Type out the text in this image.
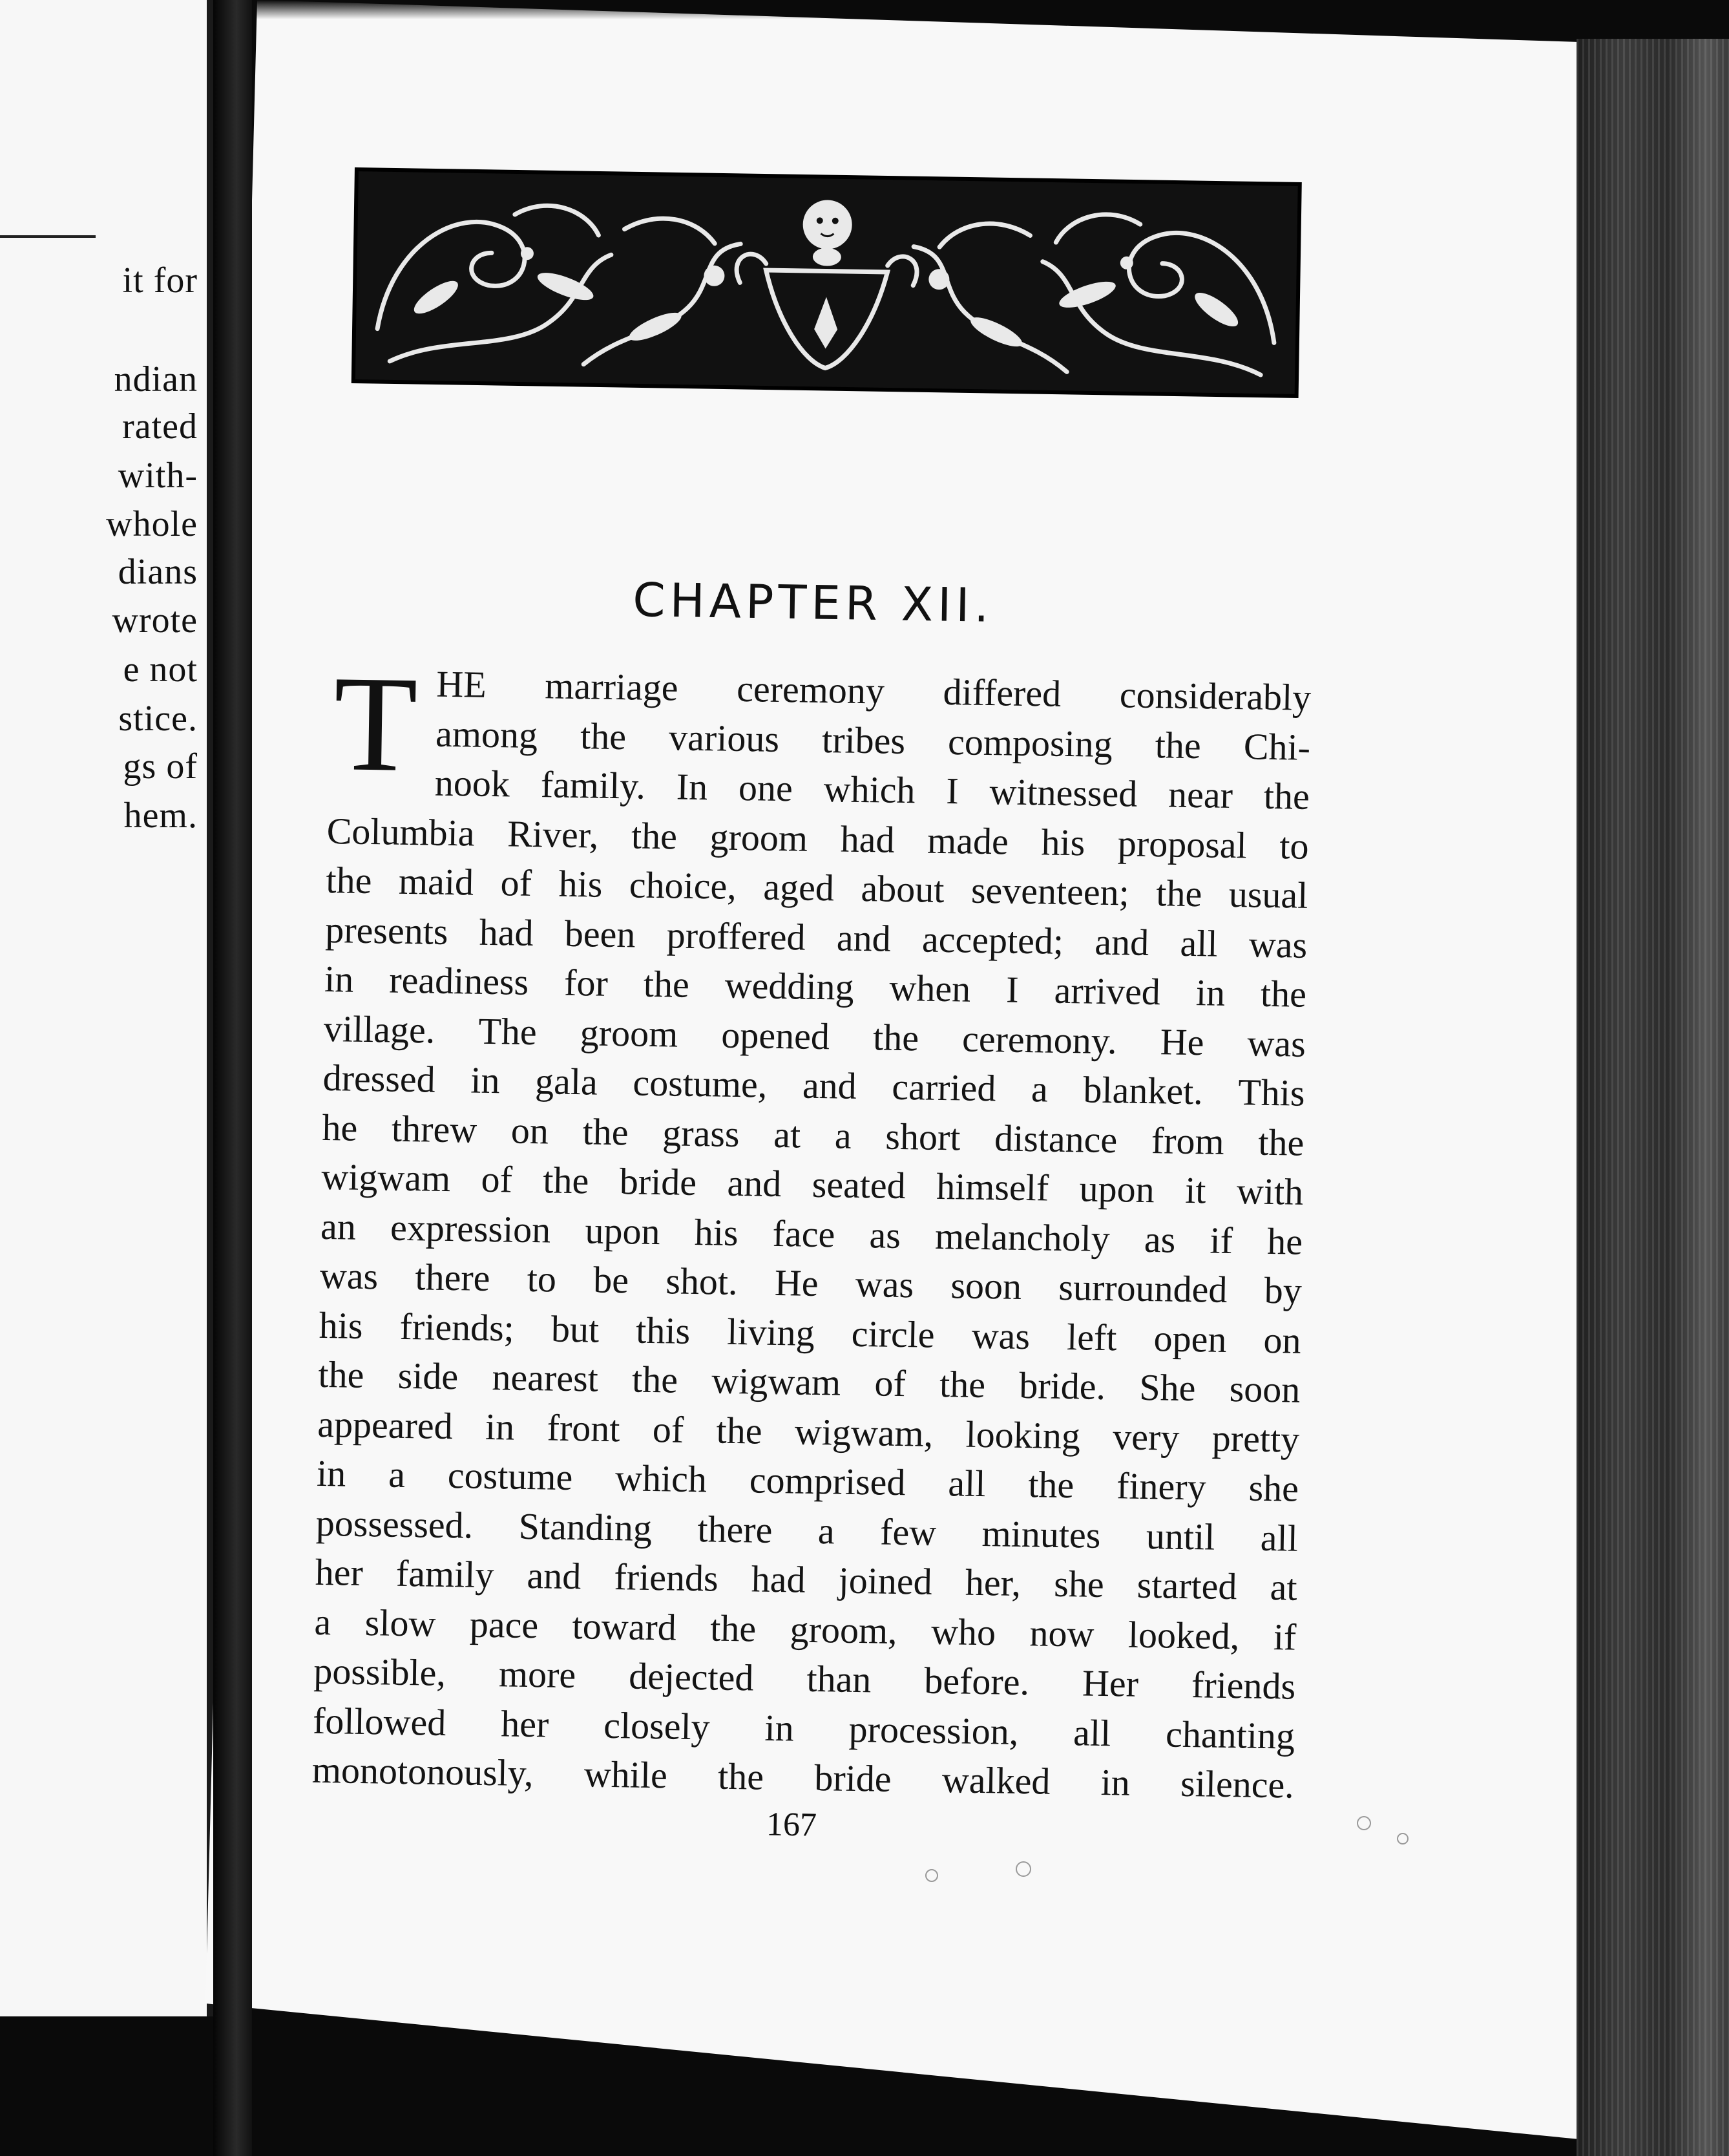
it for
ndian
rated
with-
whole
dians
wrote
e not
stice.
gs of
hem.
CHAPTER XII.
T HE marriage ceremony differed considerably
among the various tribes composing the Chi-
nook family. In one which I witnessed near the
Columbia River, the groom had made his proposal to
the maid of his choice, aged about seventeen; the usual
presents had been proffered and accepted; and all was
in readiness for the wedding when I arrived in the
village. The groom opened the ceremony. He was
dressed in gala costume, and carried a blanket. This
he threw on the grass at a short distance from the
wigwam of the bride and seated himself upon it with
an expression upon his face as melancholy as if he
was there to be shot. He was soon surrounded by
his friends; but this living circle was left open on
the side nearest the wigwam of the bride. She soon
appeared in front of the wigwam, looking very pretty
in a costume which comprised all the finery she
possessed. Standing there a few minutes until all
her family and friends had joined her, she started at
a slow pace toward the groom, who now looked, if
possible, more dejected than before. Her friends
followed her closely in procession, all chanting
monotonously, while the bride walked in silence.
167
